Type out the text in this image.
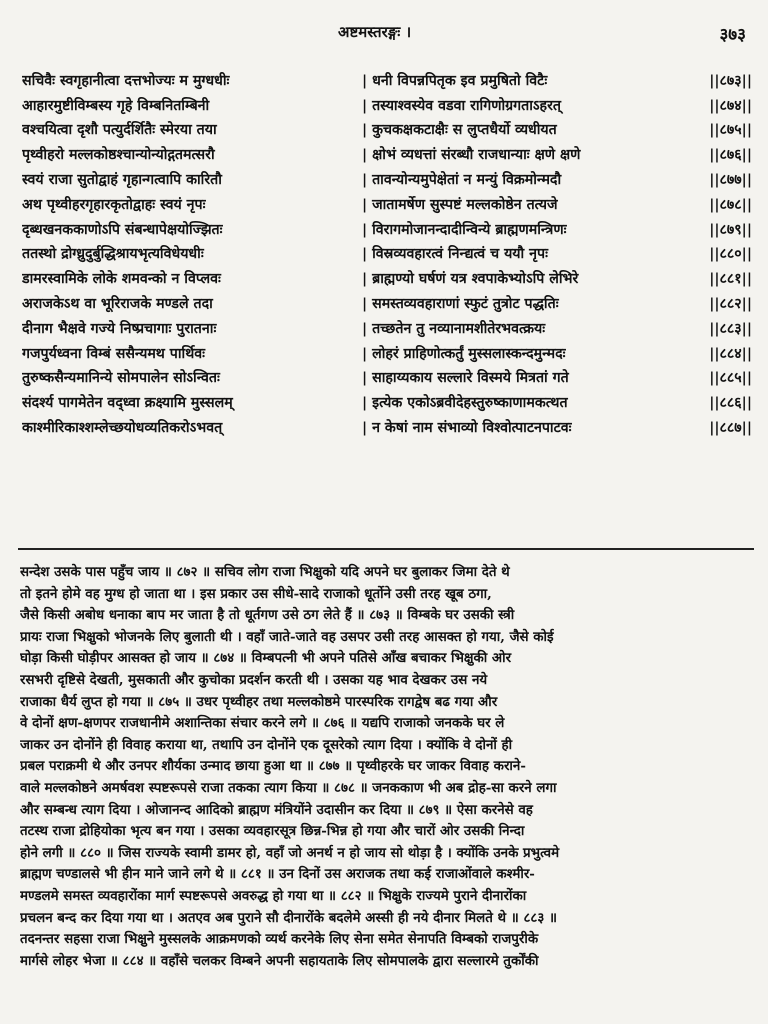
अष्टमस्तरङ्गः ।	३७३
सचिवैः स्वगृहानीत्वा दत्तभोज्यः म मुग्धधीः	| धनी विपन्नपितृक इव प्रमुषितो विटैः	||८७३||
आहारमुष्टीविम्बस्य गृहे विम्बनितम्बिनी	| तस्याश्वस्येव वडवा रागिणोग्रगताऽहरत्	||८७४||
वश्चयित्वा दृशौ पत्युर्दर्शितैः स्मेरया तया	| कुचकक्षकटाक्षैः स लुप्तधैर्यो व्यधीयत	||८७५||
पृथ्वीहरो मल्लकोष्ठश्चान्योन्योद्गतमत्सरौ	| क्षोभं व्यधत्तां संरब्धौ राजधान्याः क्षणे क्षणे	||८७६||
स्वयं राजा सुतोद्वाहं गृहान्गत्वापि कारितौ	| तावन्योन्यमुपेक्षेतां न मन्युं विक्रमोन्मदौ	||८७७||
अथ पृथ्वीहरगृहारकृतोद्वाहः स्वयं नृपः	| जातामर्षेण सुस्पष्टं मल्लकोष्ठेन तत्यजे	||८७८||
दृब्धखनककाणोऽपि संबन्धापेक्षयोज्झितः	| विरागमोजानन्दादीन्विन्ये ब्राह्मणमन्त्रिणः	||८७९||
ततस्थो द्रोग्ध्रुदुर्बुद्धिश्रायभृत्यविधेयधीः	| विस्रव्यवहारत्वं निन्द्यत्वं च ययौ नृपः	||८८०||
डामरस्वामिके लोके शमवन्को न विप्लवः	| ब्राह्मण्यो घर्षणं यत्र श्वपाकेभ्योऽपि लेभिरे	||८८१||
अराजकेऽथ वा भूरिराजके मण्डले तदा	| समस्तव्यवहाराणां स्फुटं तुत्रोट पद्धतिः	||८८२||
दीनाग भैक्षवे गज्ये निष्प्रचागाः पुरातनाः	| तच्छतेन तु नव्यानामशीतेरभवत्क्रयः	||८८३||
गजपुर्यध्वना विम्बं ससैन्यमथ पार्थिवः	| लोहरं प्राहिणोत्कर्तुं मुस्सलास्कन्दमुन्मदः	||८८४||
तुरुष्कसैन्यमानिन्ये सोमपालेन सोऽन्वितः	| साहाय्यकाय सल्लारे विस्मये मित्रतां गते	||८८५||
संदर्श्य पागमेतेन वद्ध्वा क्रक्ष्यामि मुस्सलम्	| इत्येक एकोऽब्रवीदेहस्तुरुष्काणामकत्थत	||८८६||
काश्मीरिकाश्शम्लेच्छयोधव्यतिकरोऽभवत्	| न केषां नाम संभाव्यो विश्वोत्पाटनपाटवः	||८८७||
सन्देश उसके पास पहुँच जाय ॥ ८७२ ॥ सचिव लोग राजा भिक्षुको यदि अपने घर बुलाकर जिमा देते थे
तो इतने होमे वह मुग्ध हो जाता था । इस प्रकार उस सीधे-सादे राजाको धूर्तोने उसी तरह खूब ठगा,
जैसे किसी अबोध धनाका बाप मर जाता है तो धूर्तगण उसे ठग लेते हैं ॥ ८७३ ॥ विम्बके घर उसकी स्त्री
प्रायः राजा भिक्षुको भोजनके लिए बुलाती थी । वहाँ जाते-जाते वह उसपर उसी तरह आसक्त हो गया, जैसे कोई
घोड़ा किसी घोड़ीपर आसक्त हो जाय ॥ ८७४ ॥ विम्बपत्नी भी अपने पतिसे आँख बचाकर भिक्षुकी ओर
रसभरी दृष्टिसे देखती, मुसकाती और कुचोका प्रदर्शन करती थी । उसका यह भाव देखकर उस नये
राजाका धैर्य लुप्त हो गया ॥ ८७५ ॥ उधर पृथ्वीहर तथा मल्लकोष्ठमे पारस्परिक रागद्वेष बढ गया और
वे दोनों क्षण-क्षणपर राजधानीमे अशान्तिका संचार करने लगे ॥ ८७६ ॥ यद्यपि राजाको जनकके घर ले
जाकर उन दोनोंने ही विवाह कराया था, तथापि उन दोनोंने एक दूसरेको त्याग दिया । क्योंकि वे दोनों ही
प्रबल पराक्रमी थे और उनपर शौर्यका उन्माद छाया हुआ था ॥ ८७७ ॥ पृथ्वीहरके घर जाकर विवाह कराने-
वाले मल्लकोष्ठने अमर्षवश स्पष्टरूपसे राजा तकका त्याग किया ॥ ८७८ ॥ जनककाण भी अब द्रोह-सा करने लगा
और सम्बन्ध त्याग दिया । ओजानन्द आदिको ब्राह्मण मंत्रियोंने उदासीन कर दिया ॥ ८७९ ॥ ऐसा करनेसे वह
तटस्थ राजा द्रोहियोका भृत्य बन गया । उसका व्यवहारसूत्र छिन्न-भिन्न हो गया और चारों ओर उसकी निन्दा
होने लगी ॥ ८८० ॥ जिस राज्यके स्वामी डामर हो, वहाँ जो अनर्थ न हो जाय सो थोड़ा है । क्योंकि उनके प्रभुत्वमे
ब्राह्मण चण्डालसे भी हीन माने जाने लगे थे ॥ ८८१ ॥ उन दिनों उस अराजक तथा कई राजाओंवाले कश्मीर-
मण्डलमे समस्त व्यवहारोंका मार्ग स्पष्टरूपसे अवरुद्ध हो गया था ॥ ८८२ ॥ भिक्षुके राज्यमे पुराने दीनारोंका
प्रचलन बन्द कर दिया गया था । अतएव अब पुराने सौ दीनारोंके बदलेमे अस्सी ही नये दीनार मिलते थे ॥ ८८३ ॥
तदनन्तर सहसा राजा भिक्षुने मुस्सलके आक्रमणको व्यर्थ करनेके लिए सेना समेत सेनापति विम्बको राजपुरीके
मार्गसे लोहर भेजा ॥ ८८४ ॥ वहाँसे चलकर विम्बने अपनी सहायताके लिए सोमपालके द्वारा सल्लारमे तुर्कोंकी
